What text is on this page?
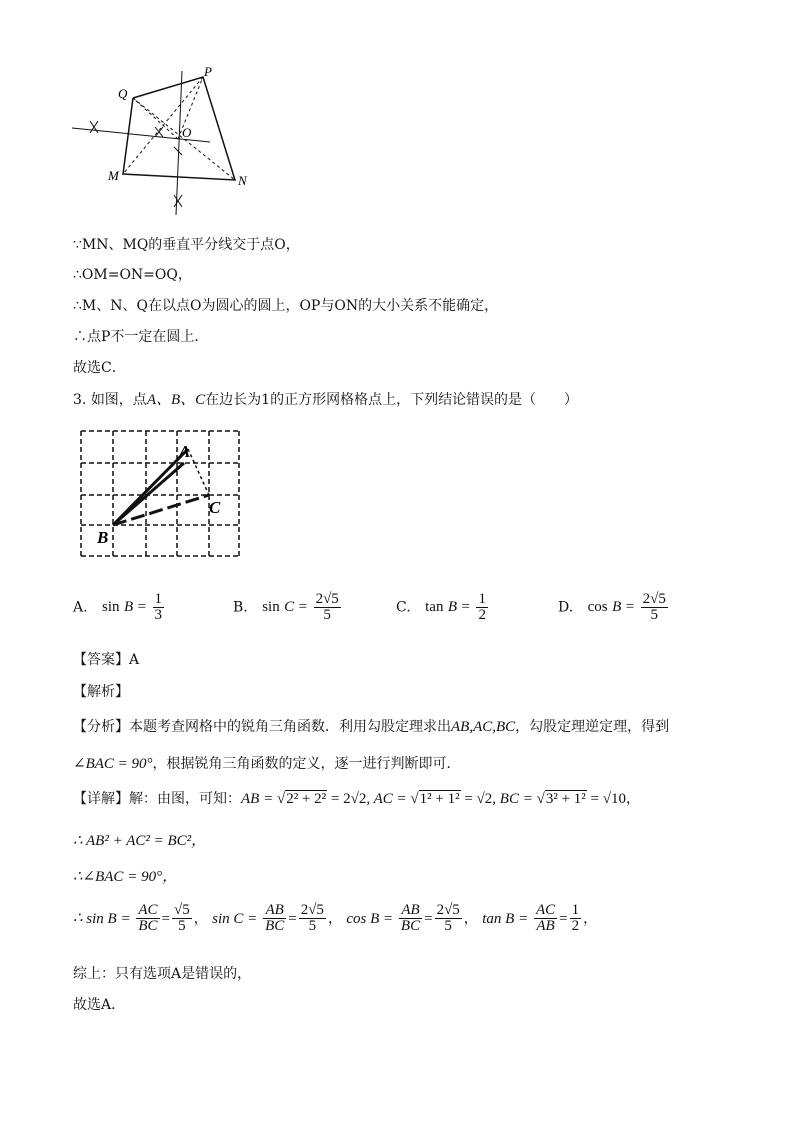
P
Q
O
M	N
∵MN、MQ的垂直平分线交于点O，
∴OM=ON=OQ，
∴M、N、Q在以点O为圆心的圆上，OP与ON的大小关系不能确定，
∴点P不一定在圆上．
故选C．
3. 如图，点A、B、C在边长为1的正方形网格格点上，下列结论错误的是（　　）
A
B
C
A. $\sin B = \frac{1}{3}$	B. $\sin C = \frac{2√5}{5}$	C. $\tan B = \frac{1}{2}$	D. $\cos B = \frac{2√5}{5}$
【答案】A
【解析】
【分析】本题考查网格中的锐角三角函数．利用勾股定理求出AB,AC,BC，勾股定理逆定理，得到
∠BAC = 90°，根据锐角三角函数的定义，逐一进行判断即可．
【详解】解：由图，可知：AB = √2² + 2² = 2√2, AC = √1² + 1² = √2, BC = √3² + 1² = √10，
∴ AB² + AC² = BC²，
∴∠BAC = 90°，
∴ $\sin B = \frac{AC}{BC} = \frac{√5}{5}$ ， $\sin C = \frac{AB}{BC} = \frac{2√5}{5}$ ， $\cos B = \frac{AB}{BC} = \frac{2√5}{5}$ ， $\tan B = \frac{AC}{AB} = \frac{1}{2}$ ，
综上：只有选项A是错误的，
故选A．
